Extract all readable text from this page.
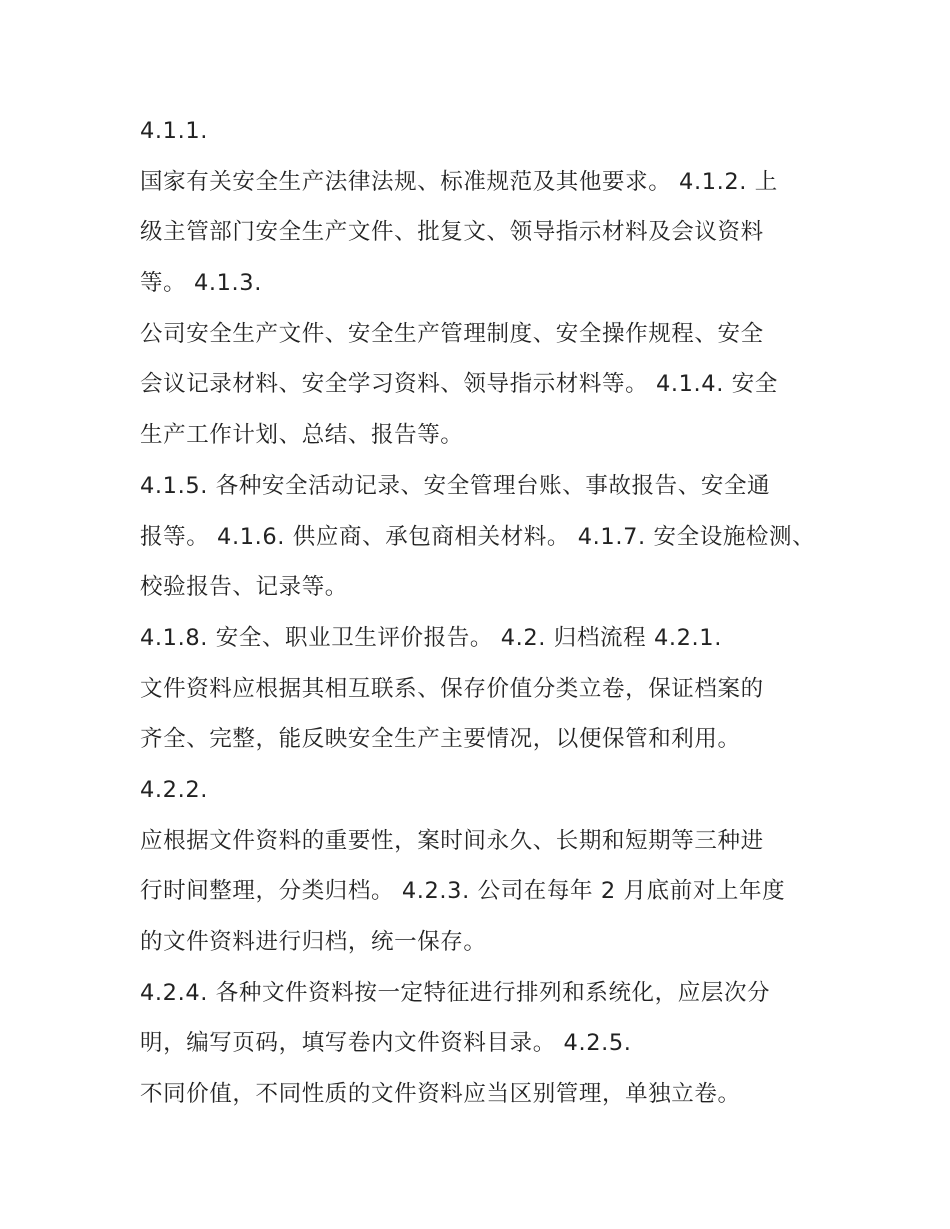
4.1.1.
国家有关安全生产法律法规、标准规范及其他要求。 4.1.2. 上
级主管部门安全生产文件、批复文、领导指示材料及会议资料
等。 4.1.3.
公司安全生产文件、安全生产管理制度、安全操作规程、安全
会议记录材料、安全学习资料、领导指示材料等。 4.1.4. 安全
生产工作计划、总结、报告等。
4.1.5. 各种安全活动记录、安全管理台账、事故报告、安全通
报等。 4.1.6. 供应商、承包商相关材料。 4.1.7. 安全设施检测、
校验报告、记录等。
4.1.8. 安全、职业卫生评价报告。 4.2. 归档流程 4.2.1.
文件资料应根据其相互联系、保存价值分类立卷，保证档案的
齐全、完整，能反映安全生产主要情况，以便保管和利用。
4.2.2.
应根据文件资料的重要性，案时间永久、长期和短期等三种进
行时间整理，分类归档。 4.2.3. 公司在每年 2 月底前对上年度
的文件资料进行归档，统一保存。
4.2.4. 各种文件资料按一定特征进行排列和系统化，应层次分
明，编写页码，填写卷内文件资料目录。 4.2.5.
不同价值，不同性质的文件资料应当区别管理，单独立卷。
